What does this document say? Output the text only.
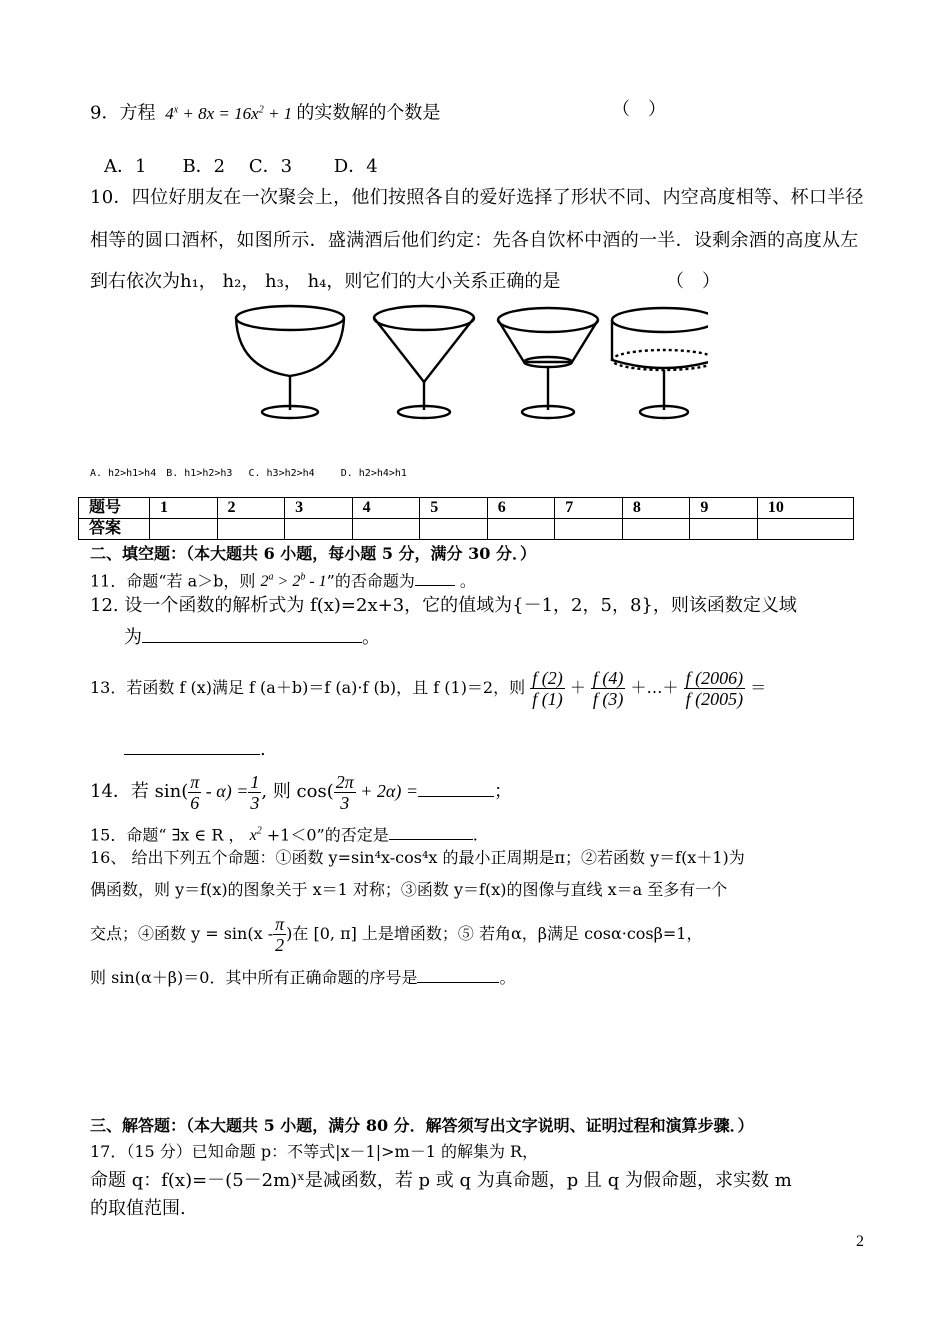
9．方程 $4^x + 8x = 16x^2 + 1$ 的实数解的个数是	（　）
A．1　　B．2　 C．3　　 D．4
10．四位好朋友在一次聚会上，他们按照各自的爱好选择了形状不同、内空高度相等、杯口半径
相等的圆口酒杯，如图所示．盛满酒后他们约定：先各自饮杯中酒的一半．设剩余酒的高度从左
到右依次为h₁， h₂， h₃， h₄，则它们的大小关系正确的是	（　）
A. h2>h1>h4　B. h1>h2>h3　 C. h3>h2>h4　　 D. h2>h4>h1
题号	1	2	3	4	5	6	7	8	9	10
答案										
二、填空题：（本大题共 6 小题，每小题 5 分，满分 30 分．）
11．命题“若 a＞b，则 $2^a > 2^b - 1$”的否命题为	。
12. 设一个函数的解析式为 f(x)=2x+3，它的值域为{－1，2，5，8}，则该函数定义域
为	。
13．若函数 f (x)满足 f (a＋b)＝f (a)·f (b)，且 f (1)＝2，则 $\frac{f (2)}{f (1)} + \frac{f (4)}{f (3)}$ ＋…＋ $\frac{f (2006)}{f (2005)}$ ＝
.
14．若 $\sin( \frac{\pi}{6} - \alpha) = \frac{1}{3}$ , 则 $\cos( \frac{2\pi}{3} + 2\alpha)$ =	；
15．命题“ ∃x ∈ R ， $x^2 +1<0$”的否定是	.
16、 给出下列五个命题：①函数 y=sin⁴x-cos⁴x 的最小正周期是π；②若函数 y＝f(x＋1)为
偶函数，则 y＝f(x)的图象关于 x＝1 对称；③函数 y＝f(x)的图像与直线 x＝a 至多有一个
交点；④函数 $y = \sin(x - \frac{\pi}{2}$ )在 [0, π] 上是增函数；⑤ 若角α，β满足 cosα·cosβ=1，
则 sin(α＋β)＝0．其中所有正确命题的序号是	。
三、解答题：（本大题共 5 小题，满分 80 分．解答须写出文字说明、证明过程和演算步骤．）
17．（15 分）已知命题 p：不等式|x－1|>m－1 的解集为 R，
命题 q：f(x)=－(5－2m)ˣ是减函数，若 p 或 q 为真命题，p 且 q 为假命题，求实数 m
的取值范围.
2
